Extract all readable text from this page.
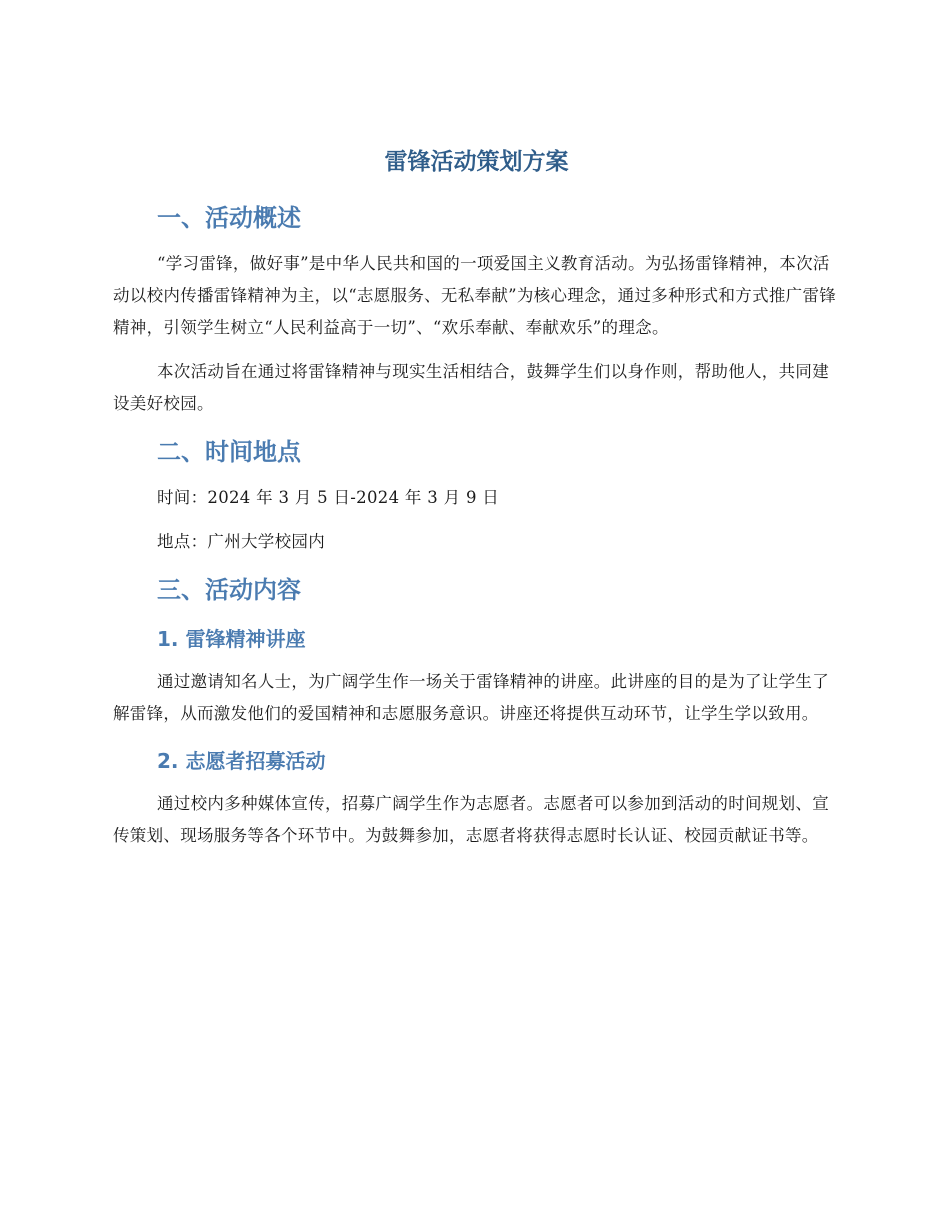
雷锋活动策划方案
一、活动概述

“学习雷锋，做好事”是中华人民共和国的一项爱国主义教育活动。为弘扬雷锋精神，本次活动以校内传播雷锋精神为主，以“志愿服务、无私奉献”为核心理念，通过多种形式和方式推广雷锋精神，引领学生树立“人民利益高于一切”、“欢乐奉献、奉献欢乐”的理念。

本次活动旨在通过将雷锋精神与现实生活相结合，鼓舞学生们以身作则，帮助他人，共同建设美好校园。

二、时间地点

时间：2024 年 3 月 5 日-2024 年 3 月 9 日

地点：广州大学校园内

三、活动内容
1. 雷锋精神讲座

通过邀请知名人士，为广阔学生作一场关于雷锋精神的讲座。此讲座的目的是为了让学生了解雷锋，从而激发他们的爱国精神和志愿服务意识。讲座还将提供互动环节，让学生学以致用。

2. 志愿者招募活动

通过校内多种媒体宣传，招募广阔学生作为志愿者。志愿者可以参加到活动的时间规划、宣传策划、现场服务等各个环节中。为鼓舞参加，志愿者将获得志愿时长认证、校园贡献证书等。
